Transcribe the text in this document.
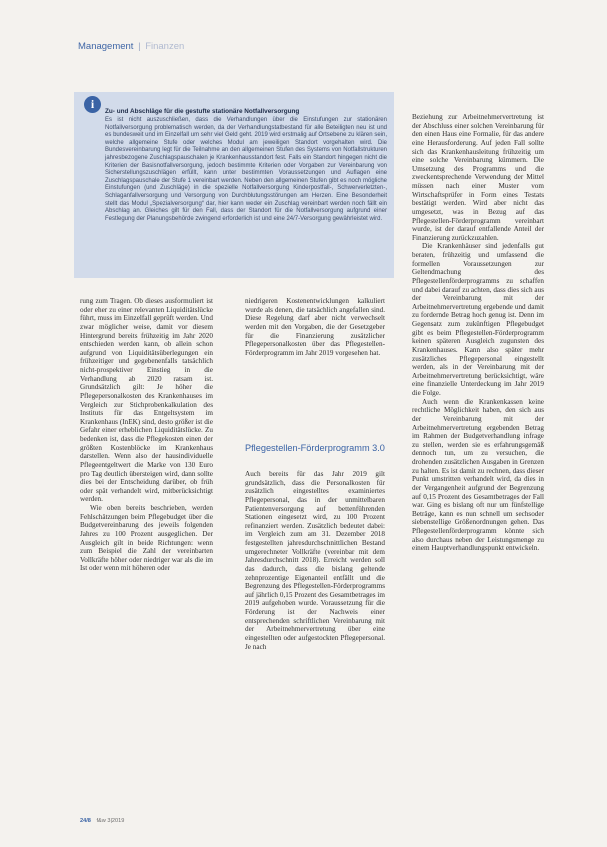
Management | Finanzen
i
Zu- und Abschläge für die gestufte stationäre Notfallversorgung
Es ist nicht auszuschließen, dass die Verhandlungen über die Einstufungen zur stationären Notfallversorgung problematisch werden, da der Verhandlungstatbestand für alle Beteiligten neu ist und es bundesweit und im Einzelfall um sehr viel Geld geht. 2019 wird erstmalig auf Ortsebene zu klären sein, welche allgemeine Stufe oder welches Modul am jeweiligen Standort vorgehalten wird. Die Bundesvereinbarung legt für die Teilnahme an den allgemeinen Stufen des Systems von Notfallstrukturen jahresbezogene Zuschlagspauschalen je Krankenhausstandort fest. Falls ein Standort hingegen nicht die Kriterien der Basisnotfallversorgung, jedoch bestimmte Kriterien oder Vorgaben zur Vereinbarung von Sicherstellungszuschlägen erfüllt, kann unter bestimmten Voraussetzungen und Auflagen eine Zuschlagspauschale der Stufe 1 vereinbart werden. Neben den allgemeinen Stufen gibt es noch mögliche Einstufungen (und Zuschläge) in die spezielle Notfallversorgung Kinderpostfall-, Schwerverletzten-, Schlaganfallversorgung und Versorgung von Durchblutungsstörungen am Herzen. Eine Besonderheit stellt das Modul „Spezialversorgung“ dar, hier kann weder ein Zuschlag vereinbart werden noch fällt ein Abschlag an. Gleiches gilt für den Fall, dass der Standort für die Notfallversorgung aufgrund einer Festlegung der Planungsbehörde zwingend erforderlich ist und eine 24/7-Versorgung gewährleistet wird.

rung zum Tragen. Ob dieses ausformuliert ist oder eher zu einer relevanten Liquiditätslücke führt, muss im Einzelfall geprüft werden. Und zwar möglicher weise, damit vor diesem Hintergrund bereits frühzeitig im Jahr 2020 entschieden werden kann, ob allein schon aufgrund von Liquiditätsüberlegungen ein frühzeitiger und gegebenenfalls tatsächlich nicht-prospektiver Einstieg in die Verhandlung ab 2020 ratsam ist. Grundsätzlich gilt: Je höher die Pflegepersonalkosten des Krankenhauses im Vergleich zur Stichprobenkalkulation des Instituts für das Entgeltsystem im Krankenhaus (InEK) sind, desto größer ist die Gefahr einer erheblichen Liquiditätslücke. Zu bedenken ist, dass die Pflegekosten einen der größten Kostenblöcke im Krankenhaus darstellen. Wenn also der hausindividuelle Pflegeentgeltwert die Marke von 130 Euro pro Tag deutlich übersteigen wird, dann sollte dies bei der Entscheidung darüber, ob früh oder spät verhandelt wird, mitberücksichtigt werden.

Wie oben bereits beschrieben, werden Fehlschätzungen beim Pflegebudget über die Budgetvereinbarung des jeweils folgenden Jahres zu 100 Prozent ausgeglichen. Der Ausgleich gilt in beide Richtungen: wenn zum Beispiel die Zahl der vereinbarten Vollkräfte höher oder niedriger war als die im Ist oder wenn mit höheren oder

niedrigeren Kostenentwicklungen kalkuliert wurde als denen, die tatsächlich angefallen sind. Diese Regelung darf aber nicht verwechselt werden mit den Vorgaben, die der Gesetzgeber für die Finanzierung zusätzlicher Pflegepersonalkosten über das Pflegestellen-Förderprogramm im Jahr 2019 vorgesehen hat.

Pflegestellen-Förderprogramm 3.0

Auch bereits für das Jahr 2019 gilt grundsätzlich, dass die Personalkosten für zusätzlich eingestelltes examiniertes Pflegepersonal, das in der unmittelbaren Patientenversorgung auf bettenführenden Stationen eingesetzt wird, zu 100 Prozent refinanziert werden. Zusätzlich bedeutet dabei: im Vergleich zum am 31. Dezember 2018 festgestellten jahresdurchschnittlichen Bestand umgerechneter Vollkräfte (vereinbar mit dem Jahresdurchschnitt 2018). Erreicht werden soll das dadurch, dass die bislang geltende zehnprozentige Eigenanteil entfällt und die Begrenzung des Pflegestellen-Förderprogramms auf jährlich 0,15 Prozent des Gesamtbetrages im 2019 aufgehoben wurde. Voraussetzung für die Förderung ist der Nachweis einer entsprechenden schriftlichen Vereinbarung mit der Arbeitnehmervertretung über eine eingestellten oder aufgestockten Pflegepersonal. Je nach

Beziehung zur Arbeitnehmervertretung ist der Abschluss einer solchen Vereinbarung für den einen Haus eine Formalie, für das andere eine Herausforderung. Auf jeden Fall sollte sich das Krankenhausleitung frühzeitig um eine solche Vereinbarung kümmern. Die Umsetzung des Programms und die zweckentsprechende Verwendung der Mittel müssen nach einer Muster vom Wirtschaftsprüfer in Form eines Testats bestätigt werden. Wird aber nicht das umgesetzt, was in Bezug auf das Pflegestellen-Förderprogramm vereinbart wurde, ist der darauf entfallende Anteil der Finanzierung zurückzuzahlen.

Die Krankenhäuser sind jedenfalls gut beraten, frühzeitig und umfassend die formellen Voraussetzungen zur Geltendmachung des Pflegestellenförderprogramms zu schaffen und dabei darauf zu achten, dass dies sich aus der Vereinbarung mit der Arbeitnehmervertretung ergebende und damit zu fordernde Betrag hoch genug ist. Denn im Gegensatz zum zukünftigen Pflegebudget gibt es beim Pflegestellen-Förderprogramm keinen späteren Ausgleich zugunsten des Krankenhauses. Kann also später mehr zusätzliches Pflegepersonal eingestellt werden, als in der Vereinbarung mit der Arbeitnehmervertretung berücksichtigt, wäre eine finanzielle Unterdeckung im Jahr 2019 die Folge.

Auch wenn die Krankenkassen keine rechtliche Möglichkeit haben, den sich aus der Vereinbarung mit der Arbeitnehmervertretung ergebenden Betrag im Rahmen der Budgetverhandlung infrage zu stellen, werden sie es erfahrungsgemäß dennoch tun, um zu versuchen, die drohenden zusätzlichen Ausgaben in Grenzen zu halten. Es ist damit zu rechnen, dass dieser Punkt umstritten verhandelt wird, da dies in der Vergangenheit aufgrund der Begrenzung auf 0,15 Prozent des Gesamtbetrages der Fall war. Ging es bislang oft nur um fünfstellige Beträge, kann es nun schnell um sechsoder siebenstellige Größenordnungen gehen. Das Pflegestellenförderprogramm könnte sich also durchaus neben der Leistungsmenge zu einem Hauptverhandlungspunkt entwickeln.

24/8 f&w 3|2019
